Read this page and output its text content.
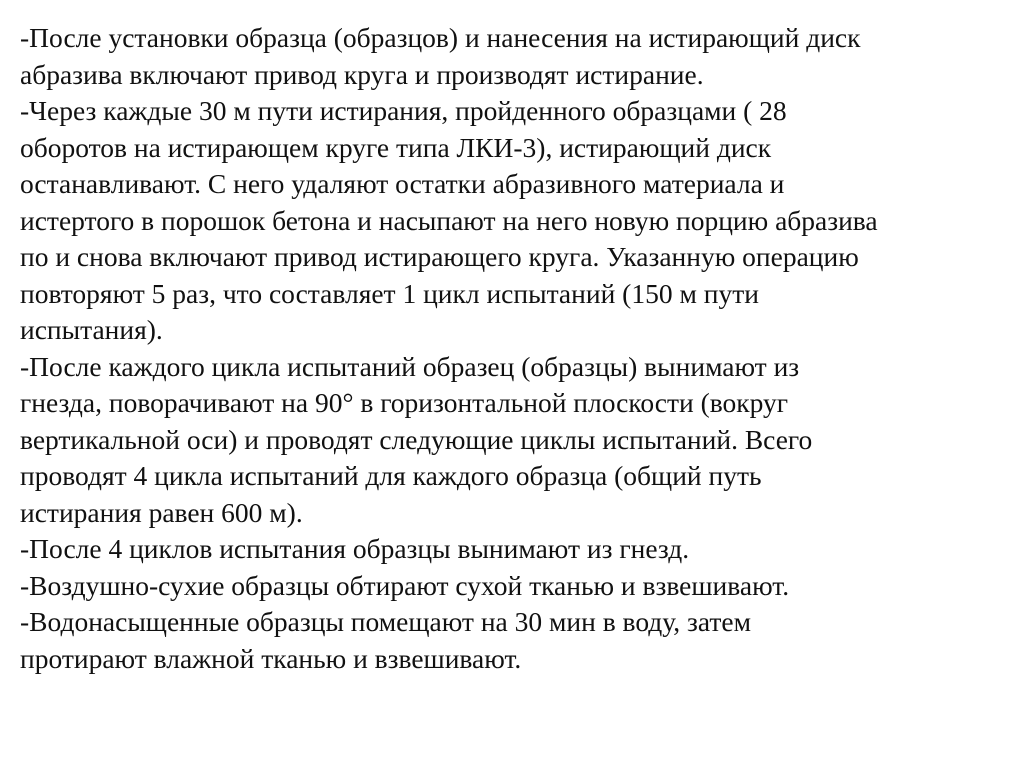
-После установки образца (образцов) и нанесения на истирающий диск
абразива включают привод круга и производят истирание.
-Через каждые 30 м пути истирания, пройденного образцами ( 28
оборотов на истирающем круге типа ЛКИ-3), истирающий диск
останавливают. С него удаляют остатки абразивного материала и
истертого в порошок бетона и насыпают на него новую порцию абразива
по и снова включают привод истирающего круга. Указанную операцию
повторяют 5 раз, что составляет 1 цикл испытаний (150 м пути
испытания).
-После каждого цикла испытаний образец (образцы) вынимают из
гнезда, поворачивают на 90° в горизонтальной плоскости (вокруг
вертикальной оси) и проводят следующие циклы испытаний. Всего
проводят 4 цикла испытаний для каждого образца (общий путь
истирания равен 600 м).
-После 4 циклов испытания образцы вынимают из гнезд.
-Воздушно-сухие образцы обтирают сухой тканью и взвешивают.
-Водонасыщенные образцы помещают на 30 мин в воду, затем
протирают влажной тканью и взвешивают.
